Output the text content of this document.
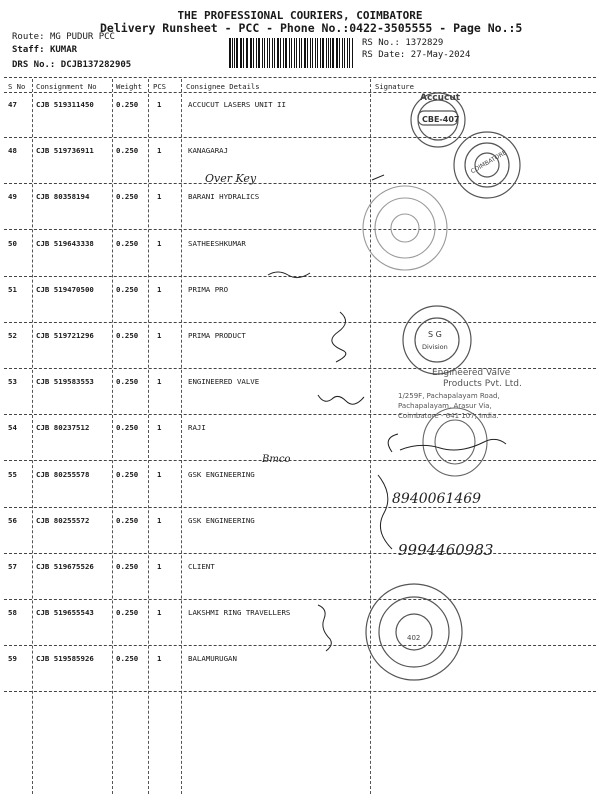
THE PROFESSIONAL COURIERS, COIMBATORE
Delivery Runsheet - PCC - Phone No.:0422-3505555 - Page No.:5
Route: MG PUDUR PCC
Staff: KUMAR
DRS No.: DCJB137282905
RS No.: 1372829
RS Date: 27-May-2024
S No Consignment No	Weight PCS	Consignee Details	Signature
47	CJB 519311450	0.250	1	ACCUCUT LASERS UNIT II
48	CJB 519736911	0.250	1	KANAGARAJ
49	CJB 80358194	0.250	1	BARANI HYDRALICS
50	CJB 519643338	0.250	1	SATHEESHKUMAR
51	CJB 519470500	0.250	1	PRIMA PRO
52	CJB 519721296	0.250	1	PRIMA PRODUCT
53	CJB 519583553	0.250	1	ENGINEERED VALVE
54	CJB 80237512	0.250	1	RAJI
55	CJB 80255578	0.250	1	GSK ENGINEERING
56	CJB 80255572	0.250	1	GSK ENGINEERING
57	CJB 519675526	0.250	1	CLIENT
58	CJB 519655543	0.250	1	LAKSHMI RING TRAVELLERS
59	CJB 519585926	0.250	1	BALAMURUGAN
Accucut
CBE-407
COIMBATORE
S G
Division
Engineered Valve
Products Pvt. Ltd.
1/259F, Pachapalayam Road,
Pachapalayam, Arasur Via,
Coimbatore - 641 107, India.
402
Over Key
Bmco
8940061469
9994460983
